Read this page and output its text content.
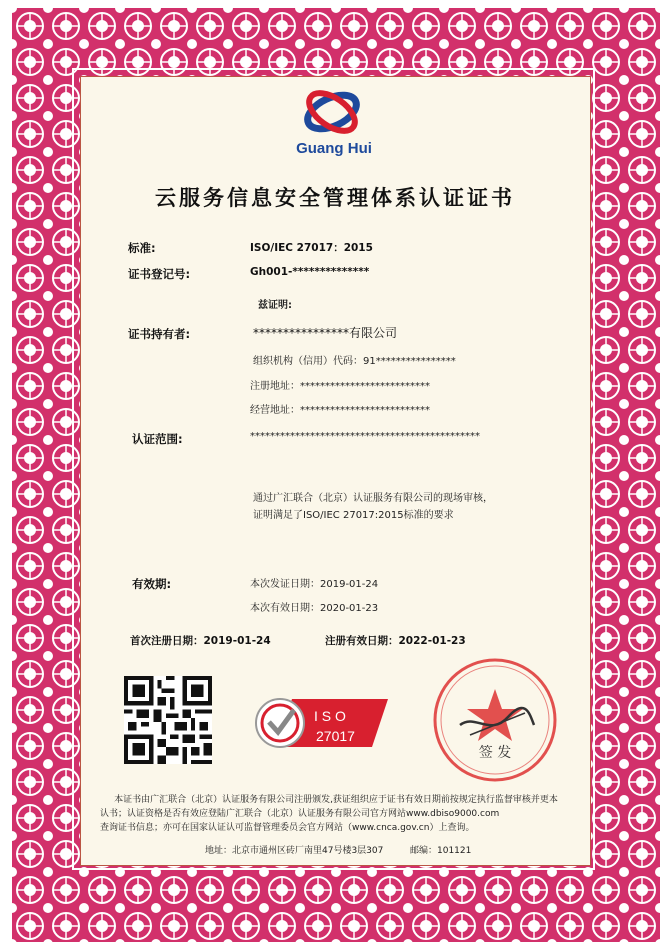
Guang Hui
云服务信息安全管理体系认证证书
标准:	ISO/IEC 27017：2015
证书登记号:	Gh001-**************
兹证明:
证书持有者:	****************有限公司
组织机构（信用）代码：91****************
注册地址：**************************
经营地址：**************************
认证范围:	**********************************************
通过广汇联合（北京）认证服务有限公司的现场审核，
证明满足了ISO/IEC 27017:2015标准的要求
有效期:	本次发证日期：2019-01-24
本次有效日期：2020-01-23
首次注册日期：2019-01-24	注册有效日期：2022-01-23
I S O
27017
签 发
本证书由广汇联合（北京）认证服务有限公司注册颁发,获证组织应于证书有效日期前按规定执行监督审核并更本
认书；认证资格是否有效应登陆广汇联合（北京）认证服务有限公司官方网站www.dbiso9000.com
查询证书信息；亦可在国家认证认可监督管理委员会官方网站（www.cnca.gov.cn）上查询。
地址：北京市通州区砖厂南里47号楼3层307	邮编：101121
